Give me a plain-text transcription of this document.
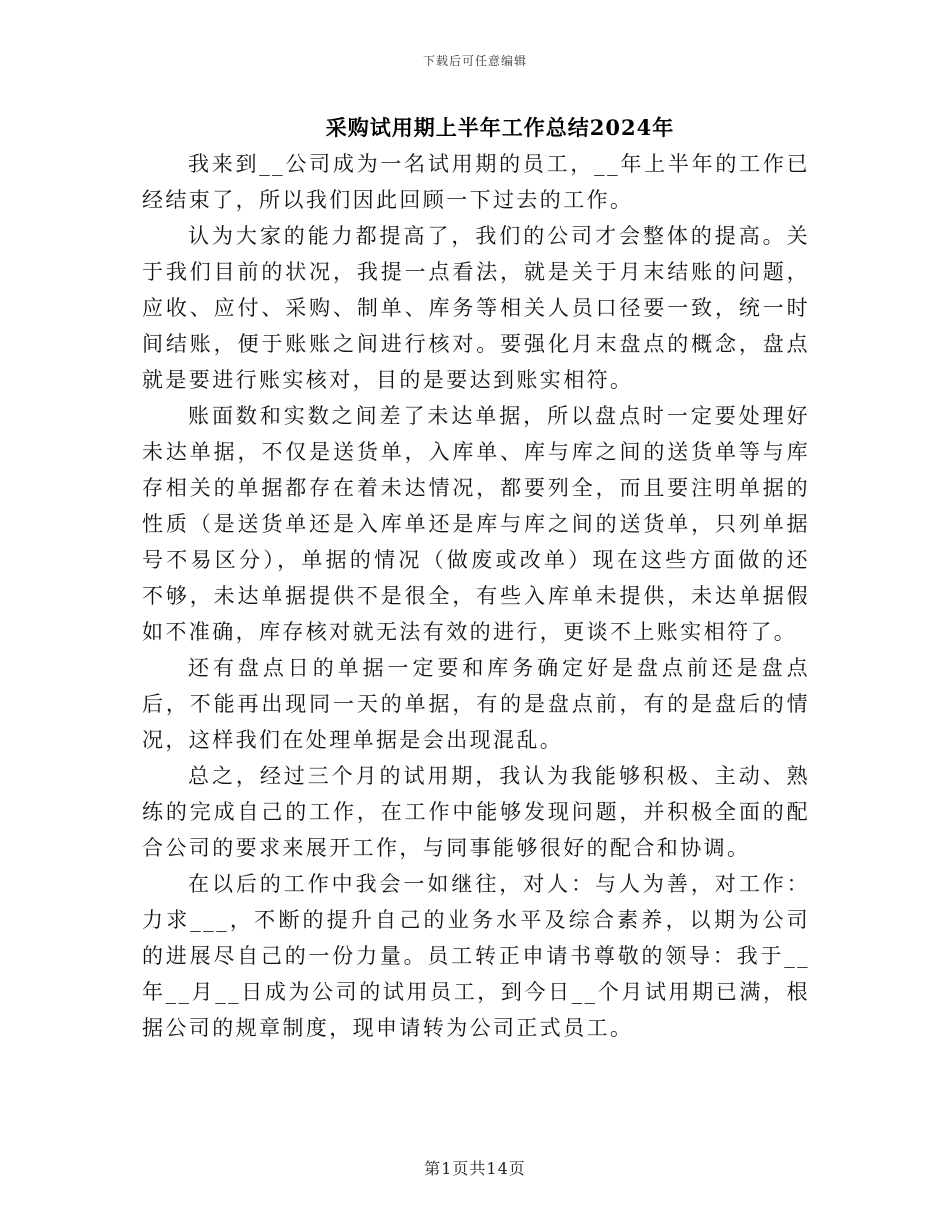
下载后可任意编辑
采购试用期上半年工作总结2024年

我来到__公司成为一名试用期的员工，__年上半年的工作已经结束了，所以我们因此回顾一下过去的工作。

认为大家的能力都提高了，我们的公司才会整体的提高。关于我们目前的状况，我提一点看法，就是关于月末结账的问题，应收、应付、采购、制单、库务等相关人员口径要一致，统一时间结账，便于账账之间进行核对。要强化月末盘点的概念，盘点就是要进行账实核对，目的是要达到账实相符。

账面数和实数之间差了未达单据，所以盘点时一定要处理好未达单据，不仅是送货单，入库单、库与库之间的送货单等与库存相关的单据都存在着未达情况，都要列全，而且要注明单据的性质（是送货单还是入库单还是库与库之间的送货单，只列单据号不易区分），单据的情况（做废或改单）现在这些方面做的还不够，未达单据提供不是很全，有些入库单未提供，未达单据假如不准确，库存核对就无法有效的进行，更谈不上账实相符了。

还有盘点日的单据一定要和库务确定好是盘点前还是盘点后，不能再出现同一天的单据，有的是盘点前，有的是盘后的情况，这样我们在处理单据是会出现混乱。

总之，经过三个月的试用期，我认为我能够积极、主动、熟练的完成自己的工作，在工作中能够发现问题，并积极全面的配合公司的要求来展开工作，与同事能够很好的配合和协调。

在以后的工作中我会一如继往，对人：与人为善，对工作：力求___，不断的提升自己的业务水平及综合素养，以期为公司的进展尽自己的一份力量。员工转正申请书尊敬的领导：我于__年__月__日成为公司的试用员工，到今日__个月试用期已满，根据公司的规章制度，现申请转为公司正式员工。

第1页共14页
